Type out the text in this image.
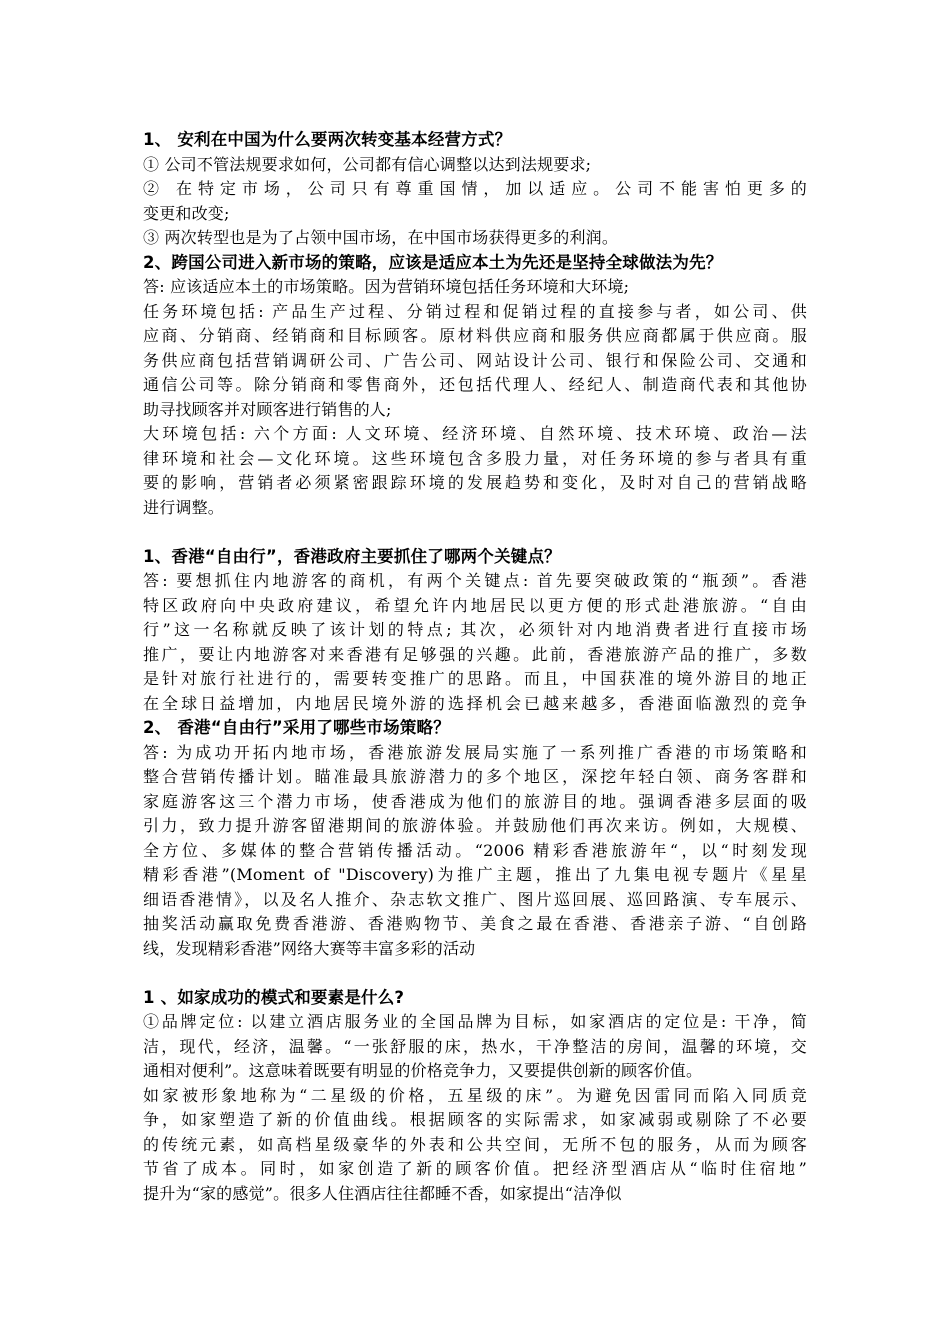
1、 安利在中国为什么要两次转变基本经营方式？
① 公司不管法规要求如何，公司都有信心调整以达到法规要求;
② 在特定市场，公司只有尊重国情，加以适应。公司不能害怕更多的
变更和改变;
③ 两次转型也是为了占领中国市场，在中国市场获得更多的利润。
2、跨国公司进入新市场的策略，应该是适应本土为先还是坚持全球做法为先？
答: 应该适应本土的市场策略。因为营销环境包括任务环境和大环境;
任务环境包括: 产品生产过程、分销过程和促销过程的直接参与者，如公司、供
应商、分销商、经销商和目标顾客。原材料供应商和服务供应商都属于供应商。服
务供应商包括营销调研公司、广告公司、网站设计公司、银行和保险公司、交通和
通信公司等。除分销商和零售商外，还包括代理人、经纪人、制造商代表和其他协
助寻找顾客并对顾客进行销售的人;
大环境包括: 六个方面: 人文环境、经济环境、自然环境、技术环境、政治—法
律环境和社会—文化环境。这些环境包含多股力量，对任务环境的参与者具有重
要的影响，营销者必须紧密跟踪环境的发展趋势和变化，及时对自己的营销战略
进行调整。
1、香港“自由行”，香港政府主要抓住了哪两个关键点？
答: 要想抓住内地游客的商机，有两个关键点: 首先要突破政策的“瓶颈”。香港
特区政府向中央政府建议，希望允许内地居民以更方便的形式赴港旅游。“自由
行”这一名称就反映了该计划的特点; 其次，必须针对内地消费者进行直接市场
推广，要让内地游客对来香港有足够强的兴趣。此前，香港旅游产品的推广，多数
是针对旅行社进行的，需要转变推广的思路。而且，中国获准的境外游目的地正
在全球日益增加，内地居民境外游的选择机会已越来越多，香港面临激烈的竞争
2、 香港“自由行”采用了哪些市场策略？
答: 为成功开拓内地市场，香港旅游发展局实施了一系列推广香港的市场策略和
整合营销传播计划。瞄准最具旅游潜力的多个地区，深挖年轻白领、商务客群和
家庭游客这三个潜力市场，使香港成为他们的旅游目的地。强调香港多层面的吸
引力，致力提升游客留港期间的旅游体验。并鼓励他们再次来访。例如，大规模、
全方位、多媒体的整合营销传播活动。“2006 精彩香港旅游年“，以“时刻发现
精彩香港”(Moment of "Discovery)为推广主题，推出了九集电视专题片《星星
细语香港情》，以及名人推介、杂志软文推广、图片巡回展、巡回路演、专车展示、
抽奖活动赢取免费香港游、香港购物节、美食之最在香港、香港亲子游、“自创路
线，发现精彩香港”网络大赛等丰富多彩的活动
1 、如家成功的模式和要素是什么?
①品牌定位: 以建立酒店服务业的全国品牌为目标，如家酒店的定位是: 干净，简
洁，现代，经济，温馨。“一张舒服的床，热水，干净整洁的房间，温馨的环境，交
通相对便利”。这意味着既要有明显的价格竞争力，又要提供创新的顾客价值。
如家被形象地称为“二星级的价格，五星级的床”。为避免因雷同而陷入同质竞
争，如家塑造了新的价值曲线。根据顾客的实际需求，如家减弱或剔除了不必要
的传统元素，如高档星级豪华的外表和公共空间，无所不包的服务，从而为顾客
节省了成本。同时，如家创造了新的顾客价值。把经济型酒店从“临时住宿地”
提升为“家的感觉”。很多人住酒店往往都睡不香，如家提出“洁净似
